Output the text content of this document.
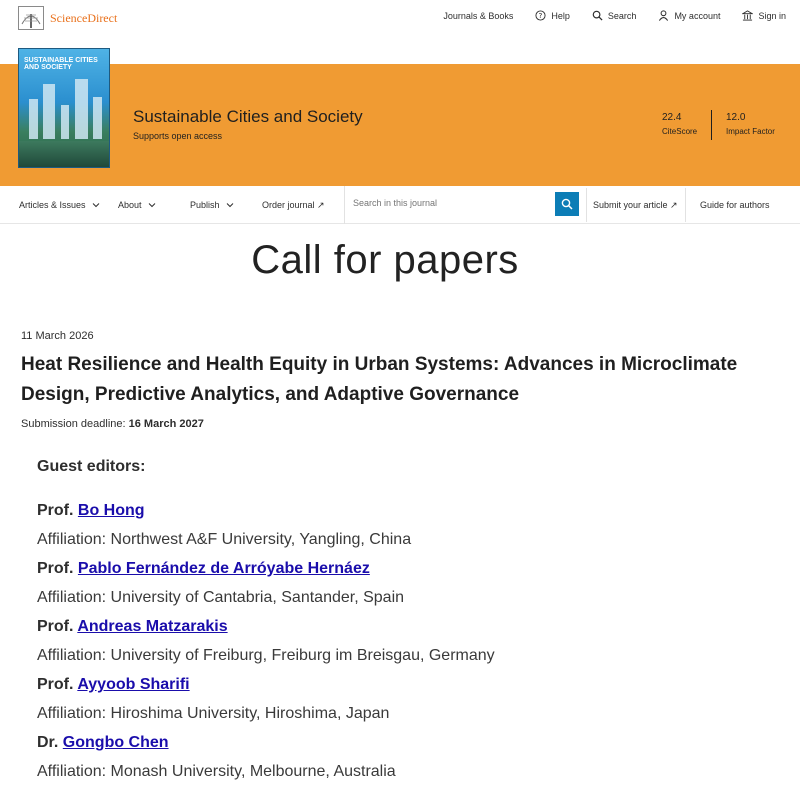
ScienceDirect	Journals & Books	? Help	Search	My account	Sign in
SUSTAINABLE CITIES AND SOCIETY
Sustainable Cities and Society
Supports open access
22.4
CiteScore
12.0
Impact Factor
Articles & Issues	About	Publish	Order journal ↗	Submit your article ↗ Guide for authors
Search in this journal
Call for papers
11 March 2026
Heat Resilience and Health Equity in Urban Systems: Advances in Microclimate Design, Predictive Analytics, and Adaptive Governance
Submission deadline: 16 March 2027
Guest editors:
Prof. Bo Hong
Affiliation: Northwest A&F University, Yangling, China
Prof. Pablo Fernández de Arróyabe Hernáez
Affiliation: University of Cantabria, Santander, Spain
Prof. Andreas Matzarakis
Affiliation: University of Freiburg, Freiburg im Breisgau, Germany
Prof. Ayyoob Sharifi
Affiliation: Hiroshima University, Hiroshima, Japan
Dr. Gongbo Chen
Affiliation: Monash University, Melbourne, Australia
